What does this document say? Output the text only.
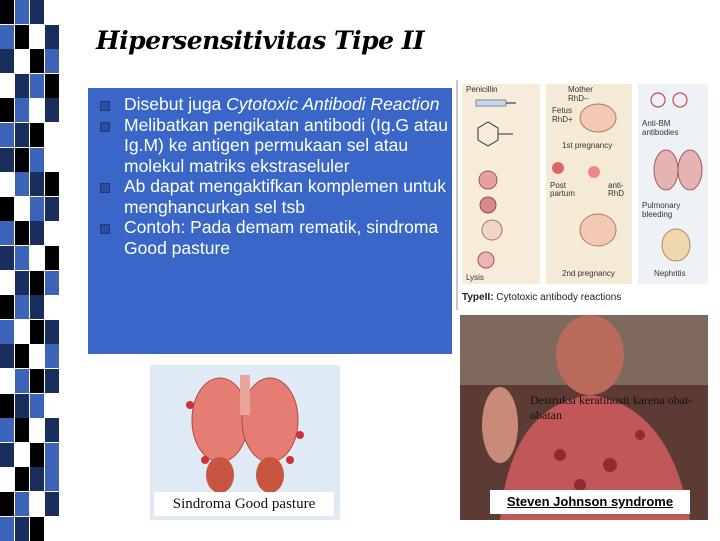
Hipersensitivitas Tipe II
Disebut juga Cytotoxic Antibodi Reaction
Melibatkan pengikatan antibodi (Ig.G atau Ig.M) ke antigen permukaan sel atau molekul matriks ekstraseluler
Ab dapat mengaktifkan komplemen untuk menghancurkan sel tsb
Contoh: Pada demam rematik, sindroma Good pasture
Penicillin
Lysis
Mother
RhD–
Fetus
RhD+
1st pregnancy
Post
partum
anti-
RhD
2nd pregnancy
Anti-BM
antibodies
Pulmonary
bleeding
Nephritis
TypeII: Cytotoxic antibody reactions
Sindroma Good pasture
Destruksi keratinosit karena obat-obatan
Steven Johnson syndrome
